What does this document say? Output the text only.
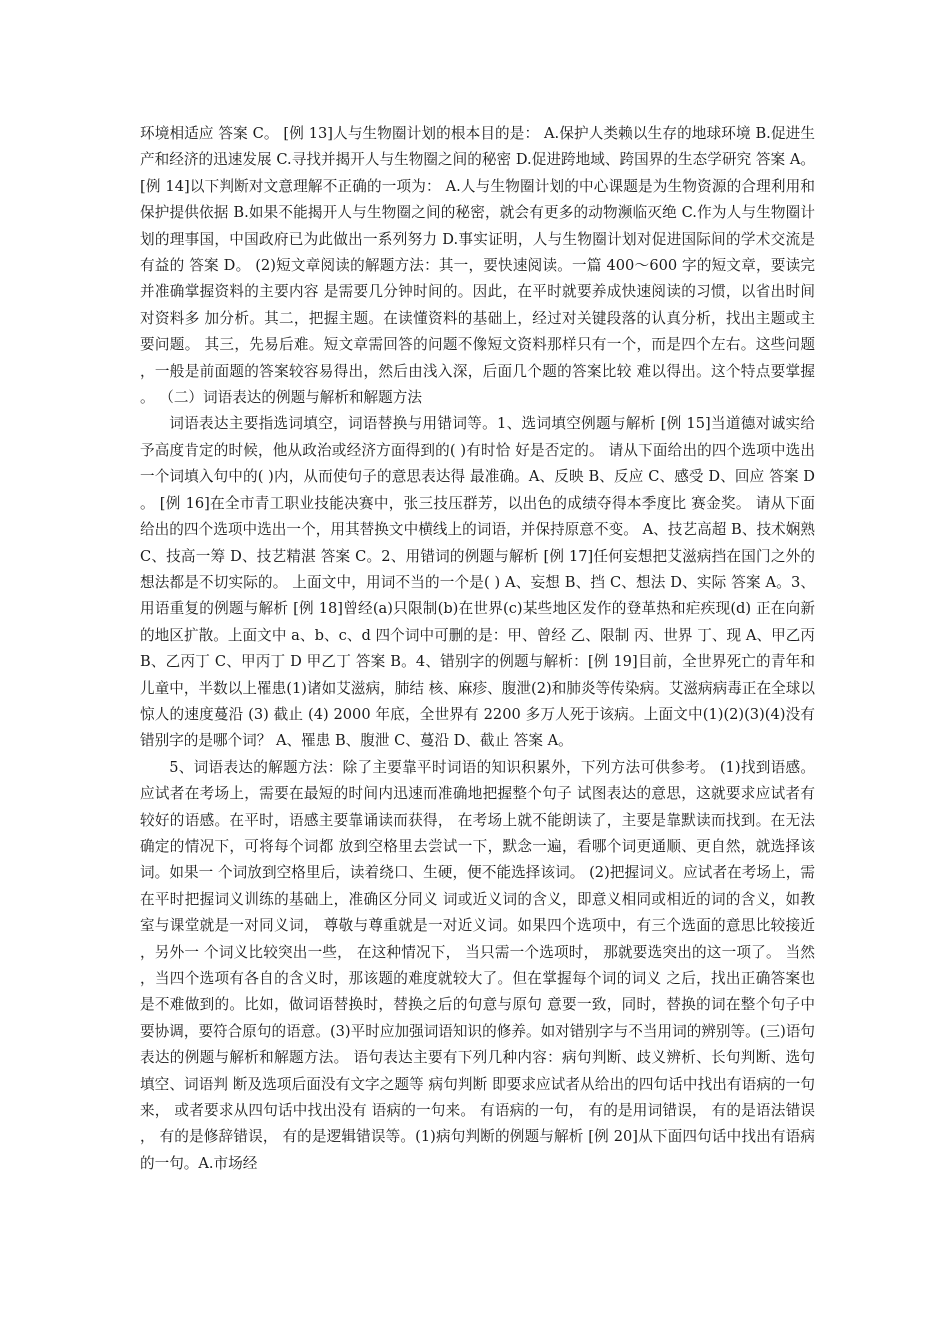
环境相适应 答案 C。 [例 13]人与生物圈计划的根本目的是： A.保护人类赖以生存的地球环境 B.促进生产和经济的迅速发展 C.寻找并揭开人与生物圈之间的秘密 D.促进跨地域、跨国界的生态学研究 答案 A。 [例 14]以下判断对文意理解不正确的一项为： A.人与生物圈计划的中心课题是为生物资源的合理利用和保护提供依据 B.如果不能揭开人与生物圈之间的秘密，就会有更多的动物濒临灭绝 C.作为人与生物圈计划的理事国，中国政府已为此做出一系列努力 D.事实证明，人与生物圈计划对促进国际间的学术交流是有益的 答案 D。 (2)短文章阅读的解题方法：其一，要快速阅读。一篇 400～600 字的短文章，要读完并准确掌握资料的主要内容 是需要几分钟时间的。因此，在平时就要养成快速阅读的习惯，以省出时间对资料多 加分析。其二，把握主题。在读懂资料的基础上，经过对关键段落的认真分析，找出主题或主 要问题。 其三，先易后难。短文章需回答的问题不像短文资料那样只有一个，而是四个左右。这些问题，一般是前面题的答案较容易得出，然后由浅入深，后面几个题的答案比较 难以得出。这个特点要掌握。 （二）词语表达的例题与解析和解题方法

词语表达主要指选词填空，词语替换与用错词等。1、选词填空例题与解析 [例 15]当道德对诚实给予高度肯定的时候，他从政治或经济方面得到的( )有时恰 好是否定的。 请从下面给出的四个选项中选出一个词填入句中的( )内，从而使句子的意思表达得 最准确。A、反映 B、反应 C、感受 D、回应 答案 D。 [例 16]在全市青工职业技能决赛中，张三技压群芳，以出色的成绩夺得本季度比 赛金奖。 请从下面给出的四个选项中选出一个，用其替换文中横线上的词语，并保持原意不变。 A、技艺高超 B、技术娴熟 C、技高一筹 D、技艺精湛 答案 C。2、用错词的例题与解析 [例 17]任何妄想把艾滋病挡在国门之外的想法都是不切实际的。 上面文中，用词不当的一个是( ) A、妄想 B、挡 C、想法 D、实际 答案 A。3、用语重复的例题与解析 [例 18]曾经(a)只限制(b)在世界(c)某些地区发作的登革热和疟疾现(d) 正在向新的地区扩散。上面文中 a、b、c、d 四个词中可删的是：甲、曾经 乙、限制 丙、世界 丁、现 A、甲乙丙 B、乙丙丁 C、甲丙丁 D 甲乙丁 答案 B。4、错别字的例题与解析：[例 19]目前，全世界死亡的青年和儿童中，半数以上罹患(1)诸如艾滋病，肺结 核、麻疹、腹泄(2)和肺炎等传染病。艾滋病病毒正在全球以惊人的速度蔓沿 (3) 截止 (4) 2000 年底，全世界有 2200 多万人死于该病。上面文中(1)(2)(3)(4)没有错别字的是哪个词？ A、罹患 B、腹泄 C、蔓沿 D、截止 答案 A。

5、词语表达的解题方法：除了主要靠平时词语的知识积累外，下列方法可供参考。 (1)找到语感。应试者在考场上，需要在最短的时间内迅速而准确地把握整个句子 试图表达的意思，这就要求应试者有较好的语感。在平时，语感主要靠诵读而获得， 在考场上就不能朗读了，主要是靠默读而找到。在无法确定的情况下，可将每个词都 放到空格里去尝试一下，默念一遍，看哪个词更通顺、更自然，就选择该词。如果一 个词放到空格里后，读着绕口、生硬，便不能选择该词。 (2)把握词义。应试者在考场上，需在平时把握词义训练的基础上，准确区分同义 词或近义词的含义，即意义相同或相近的词的含义，如教室与课堂就是一对同义词， 尊敬与尊重就是一对近义词。如果四个选项中，有三个选面的意思比较接近，另外一 个词义比较突出一些， 在这种情况下， 当只需一个选项时， 那就要选突出的这一项了。 当然，当四个选项有各自的含义时，那该题的难度就较大了。但在掌握每个词的词义 之后，找出正确答案也是不难做到的。比如，做词语替换时，替换之后的句意与原句 意要一致，同时，替换的词在整个句子中要协调，要符合原句的语意。(3)平时应加强词语知识的修养。如对错别字与不当用词的辨别等。(三)语句表达的例题与解析和解题方法。 语句表达主要有下列几种内容：病句判断、歧义辨析、长句判断、选句填空、词语判 断及选项后面没有文字之题等 病句判断 即要求应试者从给出的四句话中找出有语病的一句来， 或者要求从四句话中找出没有 语病的一句来。 有语病的一句， 有的是用词错误， 有的是语法错误， 有的是修辞错误， 有的是逻辑错误等。(1)病句判断的例题与解析 [例 20]从下面四句话中找出有语病的一句。A.市场经
